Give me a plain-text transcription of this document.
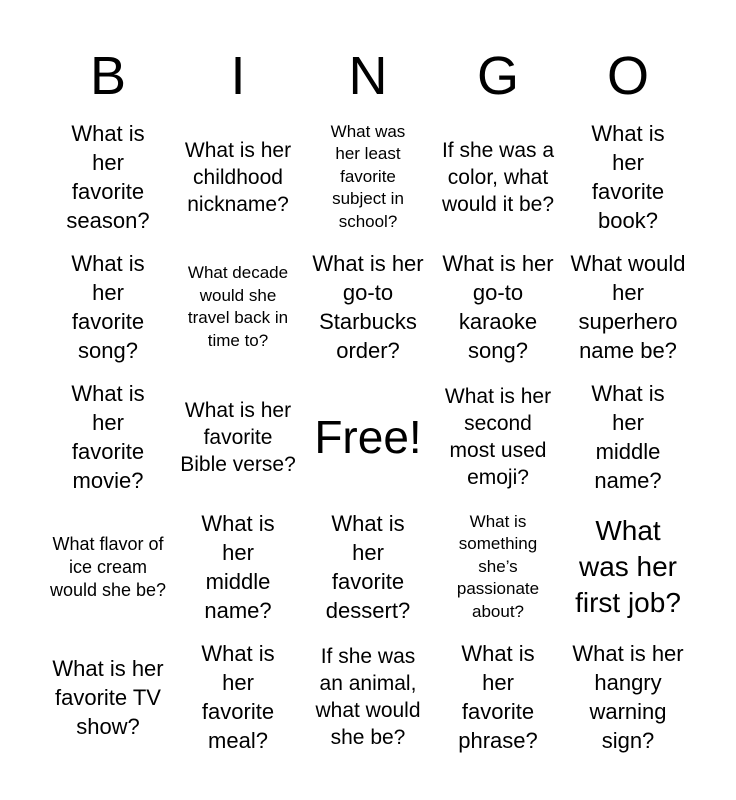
B	I	N	G	O
What is her favorite season?
What is her childhood nickname?
What was her least favorite subject in school?
If she was a color, what would it be?
What is her favorite book?
What is her favorite song?
What decade would she travel back in time to?
What is her go-to Starbucks order?
What is her go-to karaoke song?
What would her superhero name be?
What is her favorite movie?
What is her favorite Bible verse?
Free!
What is her second most used emoji?
What is her middle name?
What flavor of ice cream would she be?
What is her middle name?
What is her favorite dessert?
What is something she’s passionate about?
What was her first job?
What is her favorite TV show?
What is her favorite meal?
If she was an animal, what would she be?
What is her favorite phrase?
What is her hangry warning sign?
